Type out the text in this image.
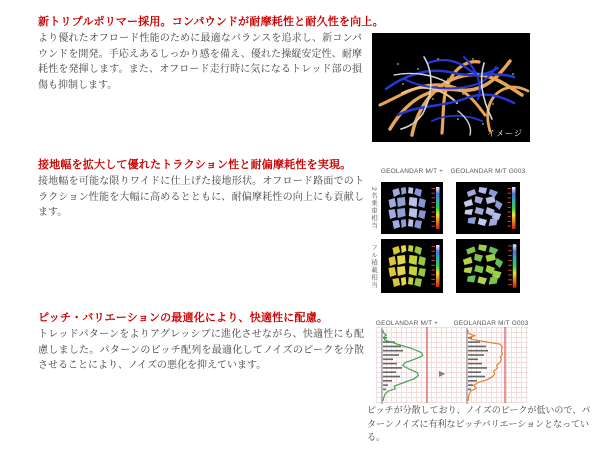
新トリプルポリマー採用。コンパウンドが耐摩耗性と耐久性を向上。
より優れたオフロード性能のために最適なバランスを追求し、新コンパウンドを開発。手応えあるしっかり感を備え、優れた操縦安定性、耐摩耗性を発揮します。また、オフロード走行時に気になるトレッド部の損傷も抑制します。
イメージ
接地幅を拡大して優れたトラクション性と耐偏摩耗性を実現。
接地幅を可能な限りワイドに仕上げた接地形状。オフロード路面でのトラクション性能を大幅に高めるとともに、耐偏摩耗性の向上にも貢献します。
GEOLANDAR M/T + GEOLANDAR M/T G003
2名乗車相当
フル積載相当
ピッチ・バリエーションの最適化により、快適性に配慮。
トレッドパターンをよりアグレッシブに進化させながら、快適性にも配慮しました。パターンのピッチ配列を最適化してノイズのピークを分散させることにより、ノイズの悪化を抑えています。
GEOLANDAR M/T + GEOLANDAR M/T G003
▶
ピッチが分散しており、ノイズのピークが低いので、パターンノイズに有利なピッチバリエーションとなっている。
